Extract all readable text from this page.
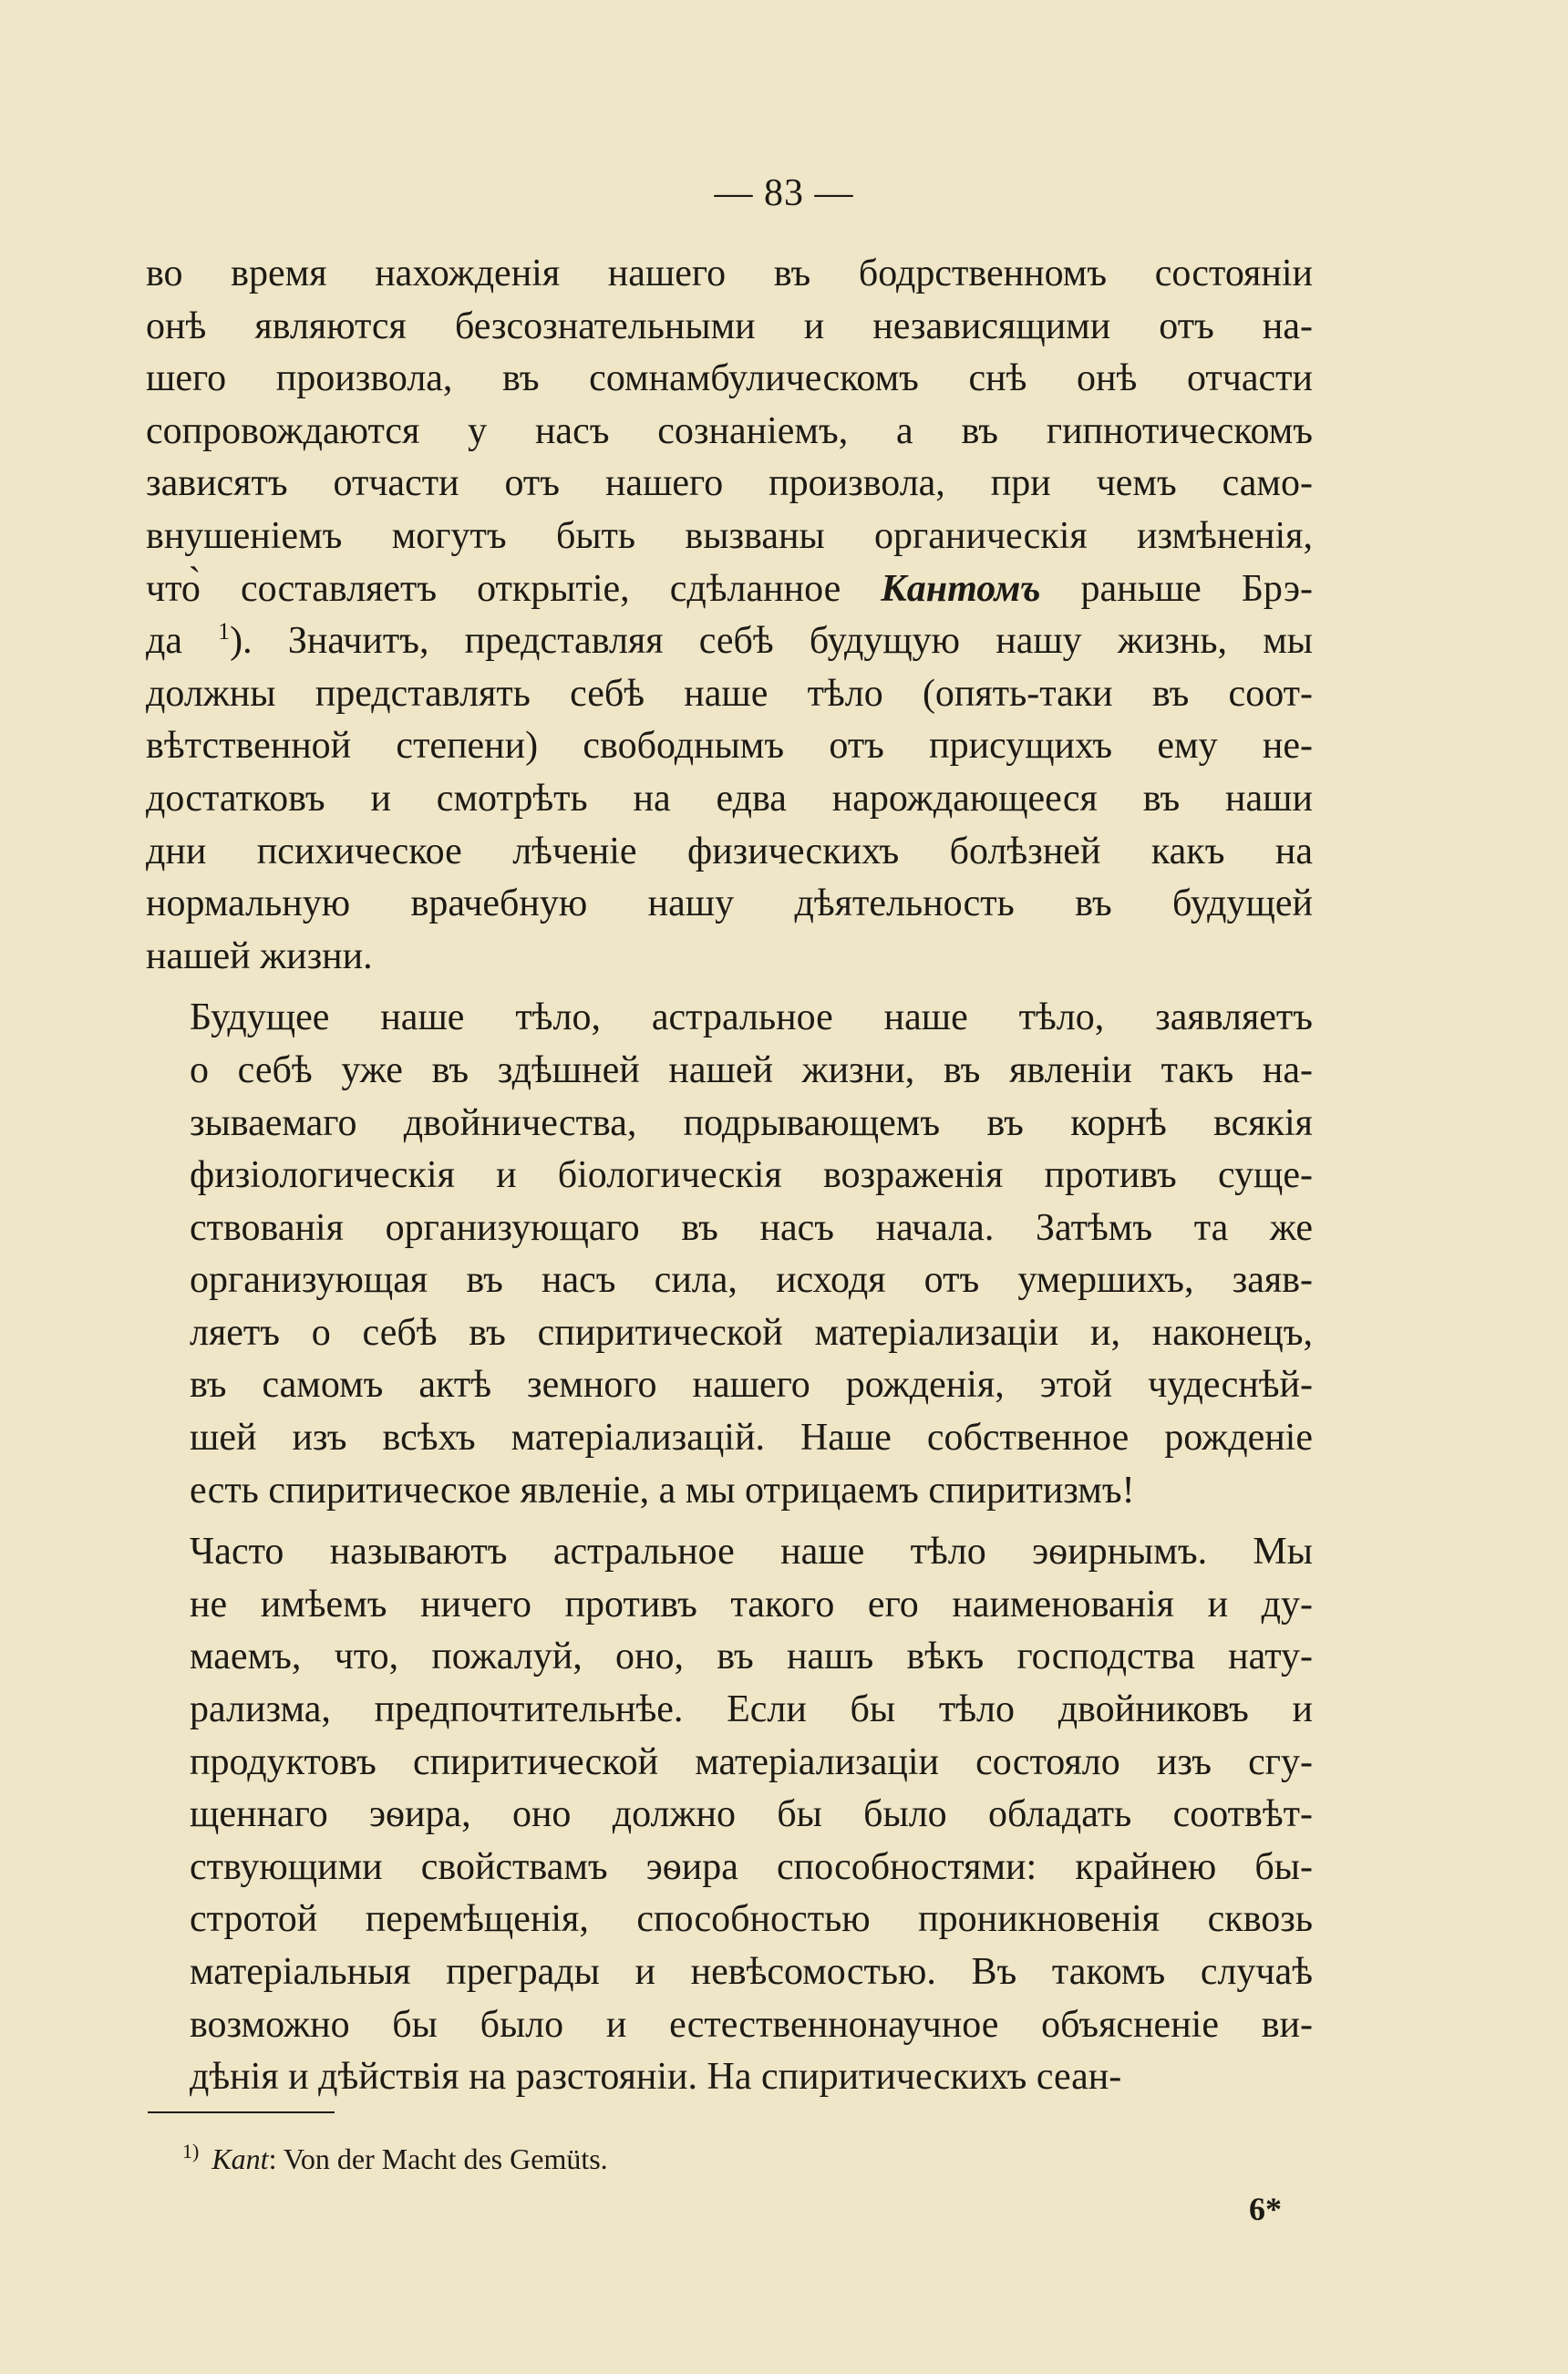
— 83 —

во время нахожденія нашего въ бодрственномъ состояніи
онѣ являются безсознательными и независящими отъ на-
шего произвола, въ сомнамбулическомъ снѣ онѣ отчасти
сопровождаются у насъ сознаніемъ, а въ гипнотическомъ
зависятъ отчасти отъ нашего произвола, при чемъ само-
внушеніемъ могутъ быть вызваны органическія измѣненія,
что̀ составляетъ открытіе, сдѣланное Кантомъ раньше Брэ-
да $^1$). Значитъ, представляя себѣ будущую нашу жизнь, мы
должны представлять себѣ наше тѣло (опять-таки въ соот-
вѣтственной степени) свободнымъ отъ присущихъ ему не-
достатковъ и смотрѣть на едва нарождающееся въ наши
дни психическое лѣченіе физическихъ болѣзней какъ на
нормальную врачебную нашу дѣятельность въ будущей
нашей жизни.

Будущее наше тѣло, астральное наше тѣло, заявляетъ
о себѣ уже въ здѣшней нашей жизни, въ явленіи такъ на-
зываемаго двойничества, подрывающемъ въ корнѣ всякія
физіологическія и біологическія возраженія противъ суще-
ствованія организующаго въ насъ начала. Затѣмъ та же
организующая въ насъ сила, исходя отъ умершихъ, заяв-
ляетъ о себѣ въ спиритической матеріализаціи и, наконецъ,
въ самомъ актѣ земного нашего рожденія, этой чудеснѣй-
шей изъ всѣхъ матеріализацій. Наше собственное рожденіе
есть спиритическое явленіе, а мы отрицаемъ спиритизмъ!

Часто называютъ астральное наше тѣло эѳирнымъ. Мы
не имѣемъ ничего противъ такого его наименованія и ду-
маемъ, что, пожалуй, оно, въ нашъ вѣкъ господства нату-
рализма, предпочтительнѣе. Если бы тѣло двойниковъ и
продуктовъ спиритической матеріализаціи состояло изъ сгу-
щеннаго эѳира, оно должно бы было обладать соотвѣт-
ствующими свойствамъ эѳира способностями: крайнею бы-
стротой перемѣщенія, способностью проникновенія сквозь
матеріальныя преграды и невѣсомостью. Въ такомъ случаѣ
возможно бы было и естественнонаучное объясненіе ви-
дѣнія и дѣйствія на разстояніи. На спиритическихъ сеан-

$^{1)}$ Kant: Von der Macht des Gemüts.
6*
